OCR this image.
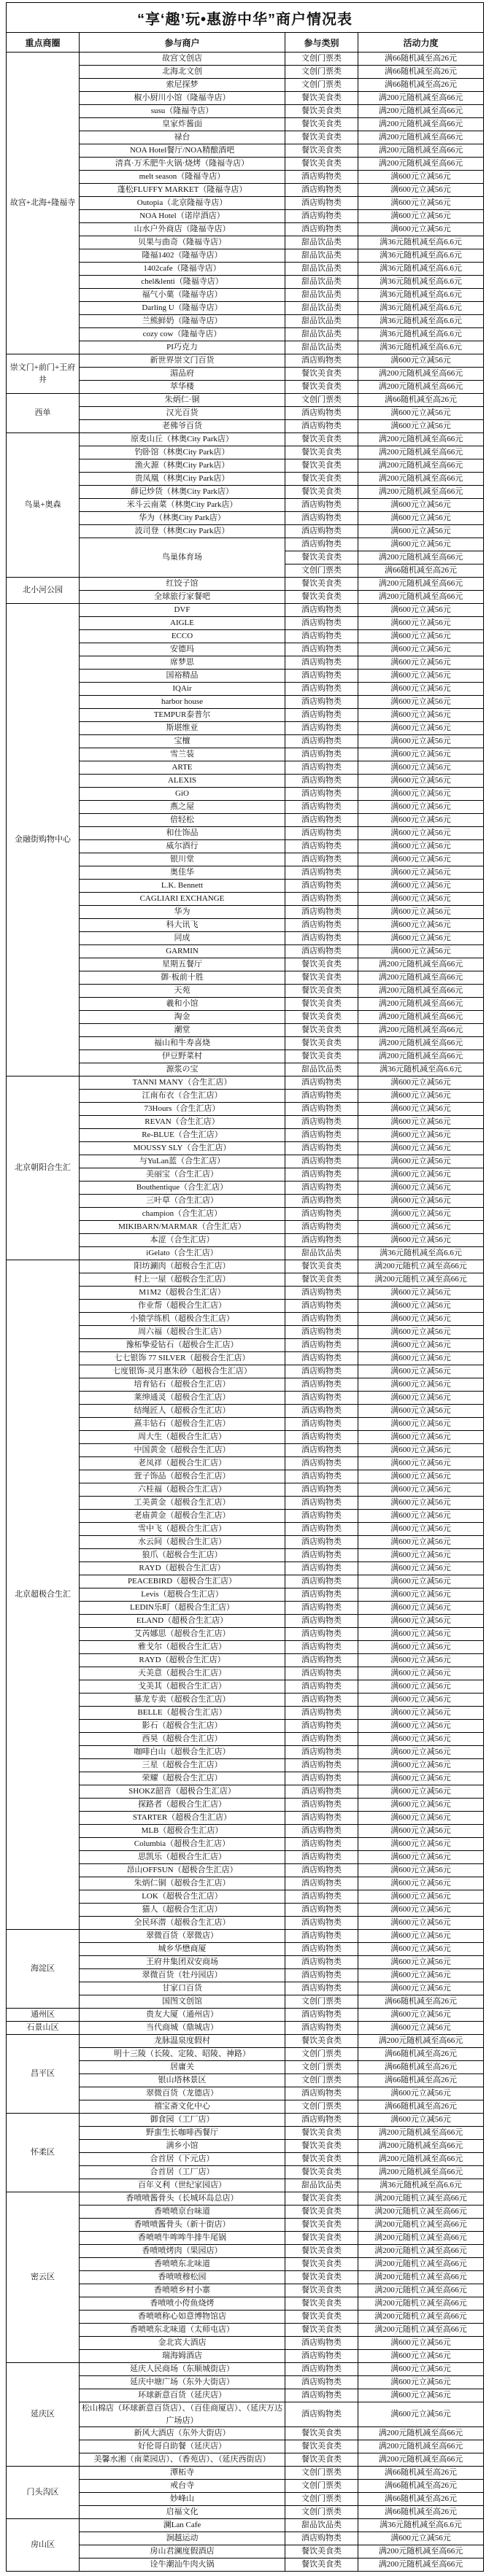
“享‘趣’玩•惠游中华”商户情况表			
重点商圈	参与商户	参与类别	活动力度
故宫+北海+隆福寺	故宫文创店	文创门票类	满66随机减至高26元
	北海北文创	文创门票类	满66随机减至高26元
	索尼探梦	文创门票类	满66随机减至高26元
	椒小厨川小馆（隆福寺店）	餐饮美食类	满200元随机减至高66元
	susu（隆福寺店）	餐饮美食类	满200元随机减至高66元
	皇家炸酱面	餐饮美食类	满200元随机减至高66元
	禄台	餐饮美食类	满200元随机减至高66元
	NOA Hotel餐厅/NOA精酿酒吧	餐饮美食类	满200元随机减至高66元
	清真·万禾肥牛火锅·烧烤（隆福寺店）	餐饮美食类	满200元随机减至高66元
	melt season（隆福寺店）	酒店购物类	满600元立减56元
	蓬松FLUFFY MARKET（隆福寺店）	酒店购物类	满600元立减56元
	Outopia（北京隆福寺店）	酒店购物类	满600元立减56元
	NOA Hotel（诺岸酒店）	酒店购物类	满600元立减56元
	山水户外商店（隆福寺店）	酒店购物类	满600元立减56元
	贝果与曲奇（隆福寺店）	甜品饮品类	满36元随机减至高6.6元
	隆福1402（隆福寺店）	甜品饮品类	满36元随机减至高6.6元
	1402cafe（隆福寺店）	甜品饮品类	满36元随机减至高6.6元
	chel&lenti（隆福寺店）	甜品饮品类	满36元随机减至高6.6元
	福气小菓（隆福寺店）	甜品饮品类	满36元随机减至高6.6元
	Darling U（隆福寺店）	甜品饮品类	满36元随机减至高6.6元
	兰熊鲜奶（隆福寺店）	甜品饮品类	满36元随机减至高6.6元
	cozy cow（隆福寺店）	甜品饮品类	满36元随机减至高6.6元
	PI巧克力	甜品饮品类	满36元随机减至高6.6元
崇文门+前门+王府井	新世界崇文门百货	酒店购物类	满600元立减56元
	湄品府	餐饮美食类	满200元随机减至高66元
	萃华楼	餐饮美食类	满200元随机减至高66元
西单	朱炳仁·铜	文创门票类	满66随机减至高26元
	汉光百货	酒店购物类	满600元立减56元
	老佛爷百货	酒店购物类	满600元立减56元
鸟巢+奥森	原麦山丘（林奥City Park店）	餐饮美食类	满200元随机减至高66元
	钓卧馆（林奥City Park店）	餐饮美食类	满200元随机减至高66元
	渔火源（林奥City Park店）	餐饮美食类	满200元随机减至高66元
	贵凤凰（林奥City Park店）	餐饮美食类	满200元随机减至高66元
	薛记炒货（林奥City Park店）	餐饮美食类	满200元随机减至高66元
	米斗云南菜（林奥City Park店）	酒店购物类	满600元立减56元
	华为（林奥City Park店）	酒店购物类	满600元立减56元
	波司登（林奥City Park店）	酒店购物类	满600元立减56元
	鸟巢体育场	酒店购物类	满600元立减56元
		餐饮美食类	满200元随机减至高66元
		文创门票类	满66随机减至高26元
北小河公园	红饺子馆	餐饮美食类	满200元随机减至高66元
	全球旅行家餐吧	餐饮美食类	满200元随机减至高66元
金融街购物中心	DVF	酒店购物类	满600元立减56元
	AIGLE	酒店购物类	满600元立减56元
	ECCO	酒店购物类	满600元立减56元
	安德玛	酒店购物类	满600元立减56元
	席梦思	酒店购物类	满600元立减56元
	国裕精品	酒店购物类	满600元立减56元
	IQAir	酒店购物类	满600元立减56元
	harbor house	酒店购物类	满600元立减56元
	TEMPUR泰普尔	酒店购物类	满600元立减56元
	斯堪维亚	酒店购物类	满600元立减56元
	宝檀	酒店购物类	满600元立减56元
	雪兰装	酒店购物类	满600元立减56元
	ARTE	酒店购物类	满600元立减56元
	ALEXIS	酒店购物类	满600元立减56元
	GiO	酒店购物类	满600元立减56元
	燕之屋	酒店购物类	满600元立减56元
	倍轻松	酒店购物类	满600元立减56元
	和仕饰品	酒店购物类	满600元立减56元
	威尔酒行	酒店购物类	满600元立减56元
	银川堂	酒店购物类	满600元立减56元
	奥佳华	酒店购物类	满600元立减56元
	L.K. Bennett	酒店购物类	满600元立减56元
	CAGLIARI EXCHANGE	酒店购物类	满600元立减56元
	华为	酒店购物类	满600元立减56元
	科大讯飞	酒店购物类	满600元立减56元
	同成	酒店购物类	满600元立减56元
	GARMIN	酒店购物类	满600元立减56元
	星期五餐厅	餐饮美食类	满200元随机减至高66元
	御·板前十胜	餐饮美食类	满200元随机减至高66元
	天苑	餐饮美食类	满200元随机减至高66元
	羲和小馆	餐饮美食类	满200元随机减至高66元
	淘金	餐饮美食类	满200元随机减至高66元
	潮堂	餐饮美食类	满200元随机减至高66元
	福山和牛寿喜烧	餐饮美食类	满200元随机减至高66元
	伊豆野菜村	餐饮美食类	满200元随机减至高66元
	源浆の宝	甜品饮品类	满36元随机减至高6.6元
北京朝阳合生汇	TANNI MANY（合生汇店）	酒店购物类	满600元立减56元
	江南布衣（合生汇店）	酒店购物类	满600元立减56元
	73Hours（合生汇店）	酒店购物类	满600元立减56元
	REVAN（合生汇店）	酒店购物类	满600元立减56元
	Re-BLUE（合生汇店）	酒店购物类	满600元立减56元
	MOUSSY SLY（合生汇店）	酒店购物类	满600元立减56元
	与YuLan蓝（合生汇店）	酒店购物类	满600元立减56元
	美丽宝（合生汇店）	酒店购物类	满600元立减56元
	Bouthentique（合生汇店）	酒店购物类	满600元立减56元
	三叶草（合生汇店）	酒店购物类	满600元立减56元
	champion（合生汇店）	酒店购物类	满600元立减56元
	MIKIBARN/MARMAR（合生汇店）	酒店购物类	满600元立减56元
	本涩（合生汇店）	酒店购物类	满600元立减56元
	iGelato（合生汇店）	甜品饮品类	满36元随机减至高6.6元
北京超极合生汇	阳坊涮肉（超极合生汇店）	餐饮美食类	满200元随机立减至高66元
	村上一屋（超极合生汇店）	餐饮美食类	满200元随机立减至高66元
	M1M2（超极合生汇店）	酒店购物类	满600元立减56元
	作业帮（超极合生汇店）	酒店购物类	满600元立减56元
	小猿学练机（超极合生汇店）	酒店购物类	满600元立减56元
	周六福（超极合生汇店）	酒店购物类	满600元立减56元
	豫柘挚爱钻石（超极合生汇店）	酒店购物类	满600元立减56元
	七七银饰 77 SILVER（超极合生汇店）	酒店购物类	满600元立减56元
	七度银饰-灵月惠朱砂（超极合生汇店）	酒店购物类	满600元立减56元
	培育钻石（超极合生汇店）	酒店购物类	满600元立减56元
	莱绅通灵（超极合生汇店）	酒店购物类	满600元立减56元
	结绳匠人（超极合生汇店）	酒店购物类	满600元立减56元
	熹丰钻石（超极合生汇店）	酒店购物类	满600元立减56元
	周大生（超极合生汇店）	酒店购物类	满600元立减56元
	中国黄金（超极合生汇店）	酒店购物类	满600元立减56元
	老凤祥（超极合生汇店）	酒店购物类	满600元立减56元
	萱子饰品（超极合生汇店）	酒店购物类	满600元立减56元
	六桂福（超极合生汇店）	酒店购物类	满600元立减56元
	工美黄金（超极合生汇店）	酒店购物类	满600元立减56元
	老庙黄金（超极合生汇店）	酒店购物类	满600元立减56元
	雪中飞（超极合生汇店）	酒店购物类	满600元立减56元
	水云间（超极合生汇店）	酒店购物类	满600元立减56元
	狼爪（超极合生汇店）	酒店购物类	满600元立减56元
	RAYD（超极合生汇店）	酒店购物类	满600元立减56元
	PEACEBIRD（超极合生汇店）	酒店购物类	满600元立减56元
	Levis（超极合生汇店）	酒店购物类	满600元立减56元
	LEDIN乐町（超极合生汇店）	酒店购物类	满600元立减56元
	ELAND（超极合生汇店）	酒店购物类	满600元立减56元
	艾芮娜思（超极合生汇店）	酒店购物类	满600元立减56元
	雅戈尔（超极合生汇店）	酒店购物类	满600元立减56元
	RAYD（超极合生汇店）	酒店购物类	满600元立减56元
	天美意（超极合生汇店）	酒店购物类	满600元立减56元
	戈美其（超极合生汇店）	酒店购物类	满600元立减56元
	暴龙专卖（超极合生汇店）	酒店购物类	满600元立减56元
	BELLE（超极合生汇店）	酒店购物类	满600元立减56元
	影石（超极合生汇店）	酒店购物类	满600元立减56元
	西昊（超极合生汇店）	酒店购物类	满600元立减56元
	咖啡白山（超极合生汇店）	酒店购物类	满600元立减56元
	三星（超极合生汇店）	酒店购物类	满600元立减56元
	荣耀（超极合生汇店）	酒店购物类	满600元立减56元
	SHOKZ韶音（超极合生汇店）	酒店购物类	满600元立减56元
	探路者（超极合生汇店）	酒店购物类	满600元立减56元
	STARTER（超极合生汇店）	酒店购物类	满600元立减56元
	MLB（超极合生汇店）	酒店购物类	满600元立减56元
	Columbia（超极合生汇店）	酒店购物类	满600元立减56元
	思凯乐（超极合生汇店）	酒店购物类	满600元立减56元
	昂山OFFSUN（超极合生汇店）	酒店购物类	满600元立减56元
	朱炳仁铜（超极合生汇店）	酒店购物类	满600元立减56元
	LOK（超极合生汇店）	酒店购物类	满600元立减56元
	猫人（超极合生汇店）	酒店购物类	满600元立减56元
	全民环潜（超极合生汇店）	酒店购物类	满600元立减56元
海淀区	翠微百货（翠微店）	酒店购物类	满600元立减56元
	城乡华懋商厦	酒店购物类	满600元立减56元
	王府井集团双安商场	酒店购物类	满600元立减56元
	翠微百货（牡丹园店）	酒店购物类	满600元立减56元
	甘家口百货	酒店购物类	满600元立减56元
	国图文创馆	文创门票类	满66随机减至高26元
通州区	贵友大厦（通州店）	酒店购物类	满600元立减56元
石景山区	当代商城（鼎城店）	酒店购物类	满600元立减56元
昌平区	龙脉温泉度假村	餐饮美食类	满200元随机减至高66元
	明十三陵（长陵、定陵、昭陵、神路）	文创门票类	满66随机减至高26元
	居庸关	文创门票类	满66随机减至高26元
	银山塔林景区	文创门票类	满66随机减至高26元
	翠微百货（龙德店）	酒店购物类	满600元立减56元
	禧宝斋文化中心	文创门票类	满66随机减至高26元
怀柔区	御食园（工厂店）	酒店购物类	满600元立减56元
	野蛮生长咖啡西餐厅	餐饮美食类	满200元随机减至高66元
	满乡小馆	餐饮美食类	满200元随机减至高66元
	合首居（下元店）	餐饮美食类	满200元随机减至高66元
	合首居（工厂店）	餐饮美食类	满200元随机减至高66元
	百年义利（世纪家园店）	甜品饮品类	满36元随机减至高6.6元
密云区	香喷喷酱骨头（长城环岛总店）	餐饮美食类	满200元随机立减至高66元
	香喷喷京台味道	餐饮美食类	满200元随机立减至高66元
	香喷喷酱骨头（新十街店）	餐饮美食类	满200元随机立减至高66元
	香喷喷牛哞哞牛排牛尾锅	餐饮美食类	满200元随机立减至高66元
	香喷喷烤肉（果园店）	餐饮美食类	满200元随机立减至高66元
	香喷喷东北味道	餐饮美食类	满200元随机立减至高66元
	香喷喷穆松园	餐饮美食类	满200元随机立减至高66元
	香喷喷乡村小寨	餐饮美食类	满200元随机立减至高66元
	香喷喷小侉鱼烧烤	餐饮美食类	满200元随机立减至高66元
	香喷喷称心如意博物馆店	餐饮美食类	满200元随机立减至高66元
	香喷喷东北味道（太师屯店）	餐饮美食类	满200元随机立减至高66元
	金北宾大酒店	酒店购物类	满600元立减56元
	瑞海姆酒店	酒店购物类	满600元立减56元
延庆区	延庆人民商场（东顺城街店）	酒店购物类	满600元立减56元
	延庆中塘广场（东外大街店）	酒店购物类	满600元立减56元
	环球新意百货（延庆店）	酒店购物类	满600元立减56元
	松山棉店（环球新意百货店）、（百佳商厦店）、（延庆万达广场店）	酒店购物类	满600元立减56元
	新风大酒店（东外大街店）	餐饮美食类	满200元随机减至高66元
	好伦哥自助餐（延庆店）	餐饮美食类	满200元随机减至高66元
	美馨水湘（南菜园店）、（香苑店）、（延庆西街店）	餐饮美食类	满200元随机减至高66元
门头沟区	潭柘寺	文创门票类	满66随机减至高26元
	戒台寺	文创门票类	满66随机减至高26元
	妙峰山	文创门票类	满66随机减至高26元
	启福文化	文创门票类	满66随机减至高26元
房山区	澜Lan Cafe	甜品饮品类	满36元随机减至高6.6元
	涧越运动	酒店购物类	满600元立减56元
	房山君澜度假酒店	餐饮美食类	满200元随机减至高66元
	诠牛潮汕牛肉火锅	餐饮美食类	满200元随机减至高66元
